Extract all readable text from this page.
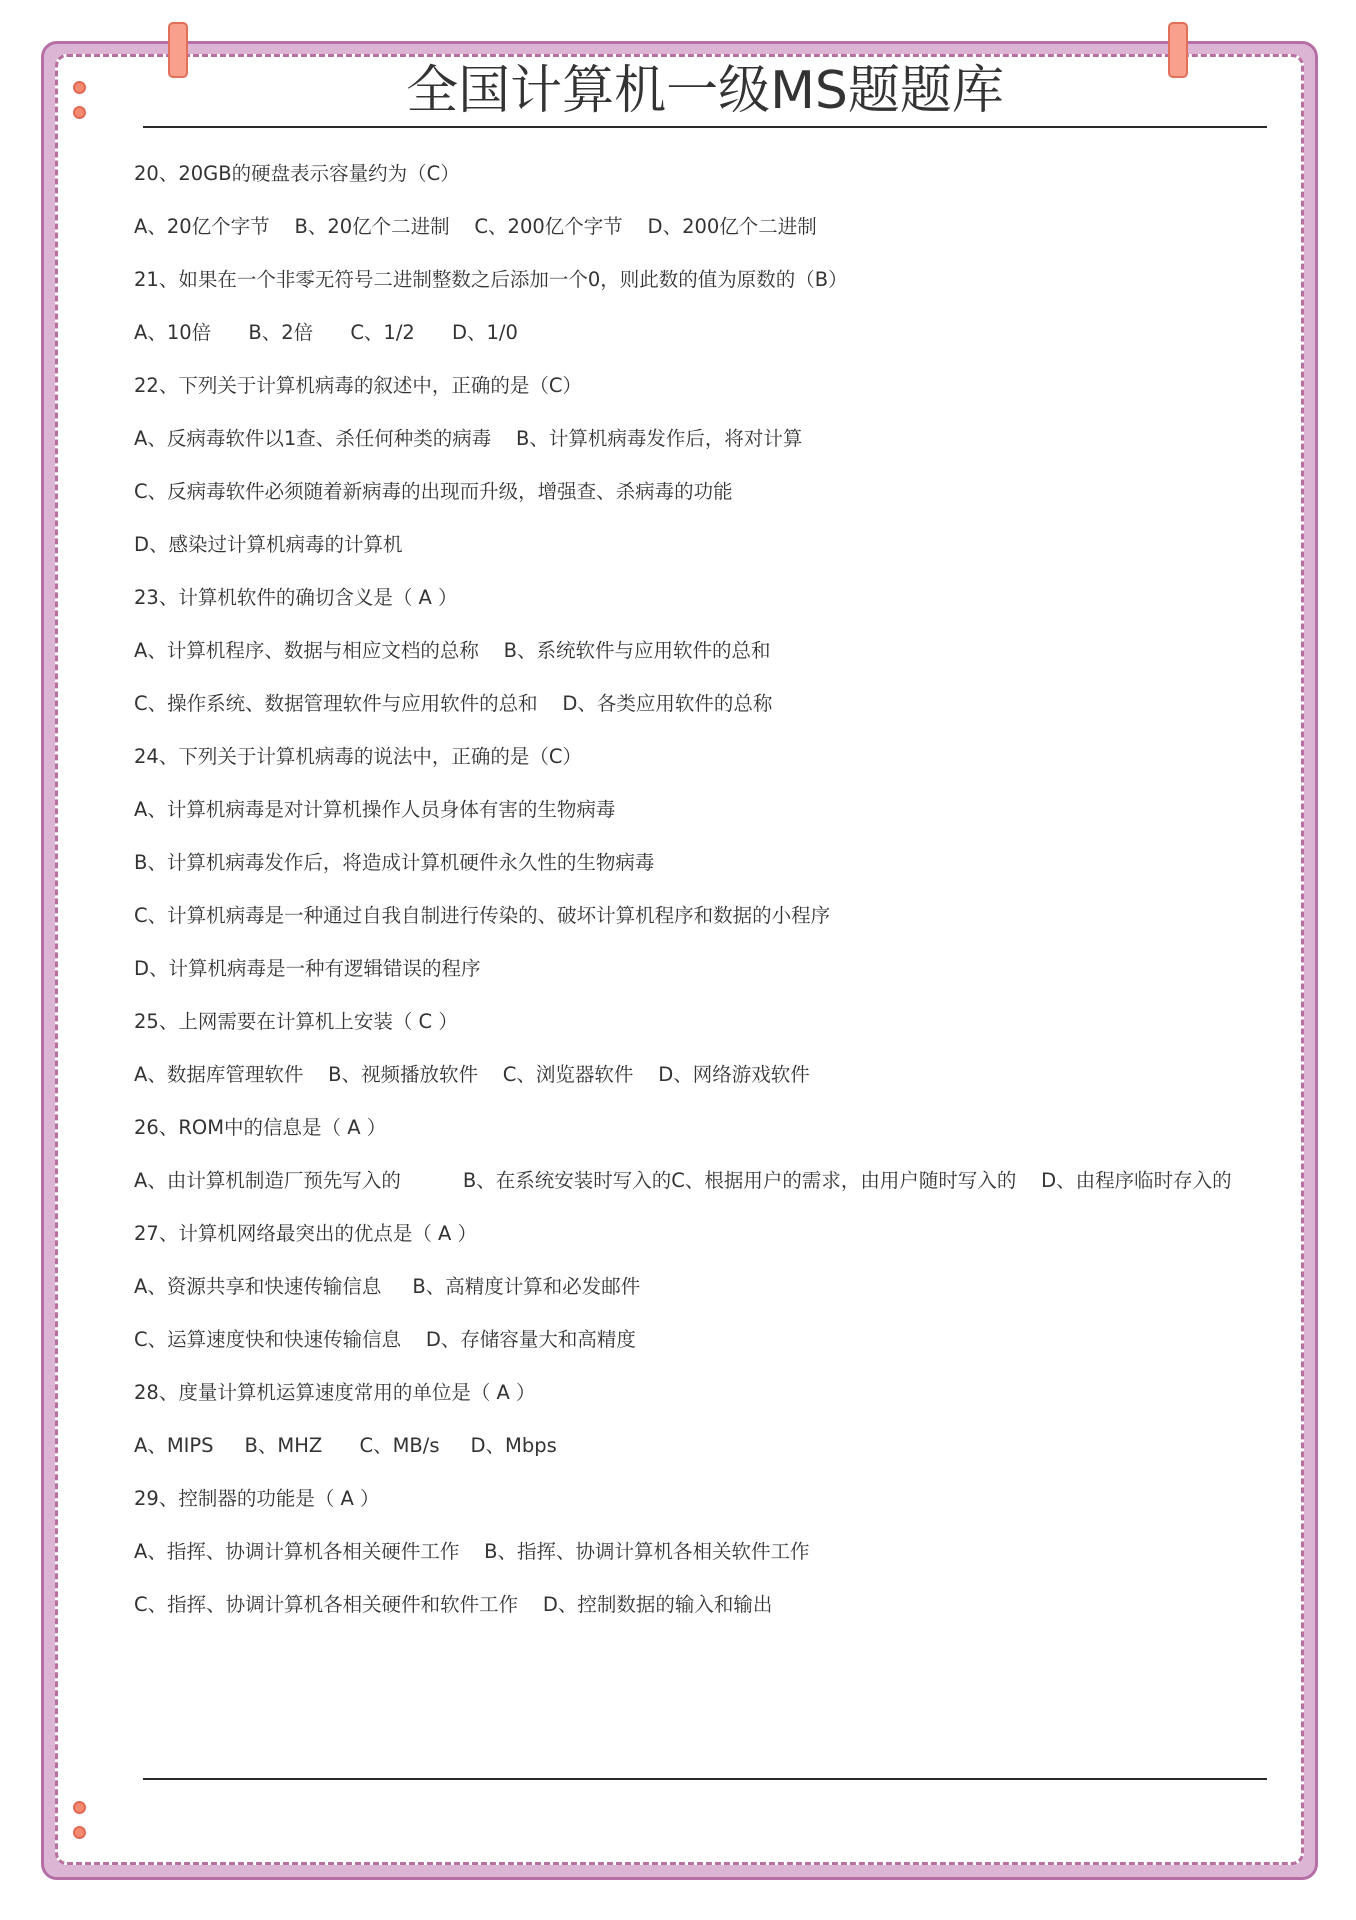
全国计算机一级MS题题库
20、20GB的硬盘表示容量约为（C）
A、20亿个字节    B、20亿个二进制    C、200亿个字节    D、200亿个二进制
21、如果在一个非零无符号二进制整数之后添加一个0，则此数的值为原数的（B）
A、10倍      B、2倍      C、1/2      D、1/0
22、下列关于计算机病毒的叙述中，正确的是（C）
A、反病毒软件以1查、杀任何种类的病毒    B、计算机病毒发作后，将对计算
C、反病毒软件必须随着新病毒的出现而升级，增强查、杀病毒的功能
D、感染过计算机病毒的计算机
23、计算机软件的确切含义是（ A ）
A、计算机程序、数据与相应文档的总称    B、系统软件与应用软件的总和
C、操作系统、数据管理软件与应用软件的总和    D、各类应用软件的总称
24、下列关于计算机病毒的说法中，正确的是（C）
A、计算机病毒是对计算机操作人员身体有害的生物病毒
B、计算机病毒发作后，将造成计算机硬件永久性的生物病毒
C、计算机病毒是一种通过自我自制进行传染的、破坏计算机程序和数据的小程序
D、计算机病毒是一种有逻辑错误的程序
25、上网需要在计算机上安装（ C ）
A、数据库管理软件    B、视频播放软件    C、浏览器软件    D、网络游戏软件
26、ROM中的信息是（ A ）
A、由计算机制造厂预先写入的          B、在系统安装时写入的C、根据用户的需求，由用户随时写入的    D、由程序临时存入的
27、计算机网络最突出的优点是（ A ）
A、资源共享和快速传输信息     B、高精度计算和必发邮件
C、运算速度快和快速传输信息    D、存储容量大和高精度
28、度量计算机运算速度常用的单位是（ A ）
A、MIPS     B、MHZ      C、MB/s     D、Mbps
29、控制器的功能是（ A ）
A、指挥、协调计算机各相关硬件工作    B、指挥、协调计算机各相关软件工作
C、指挥、协调计算机各相关硬件和软件工作    D、控制数据的输入和输出
